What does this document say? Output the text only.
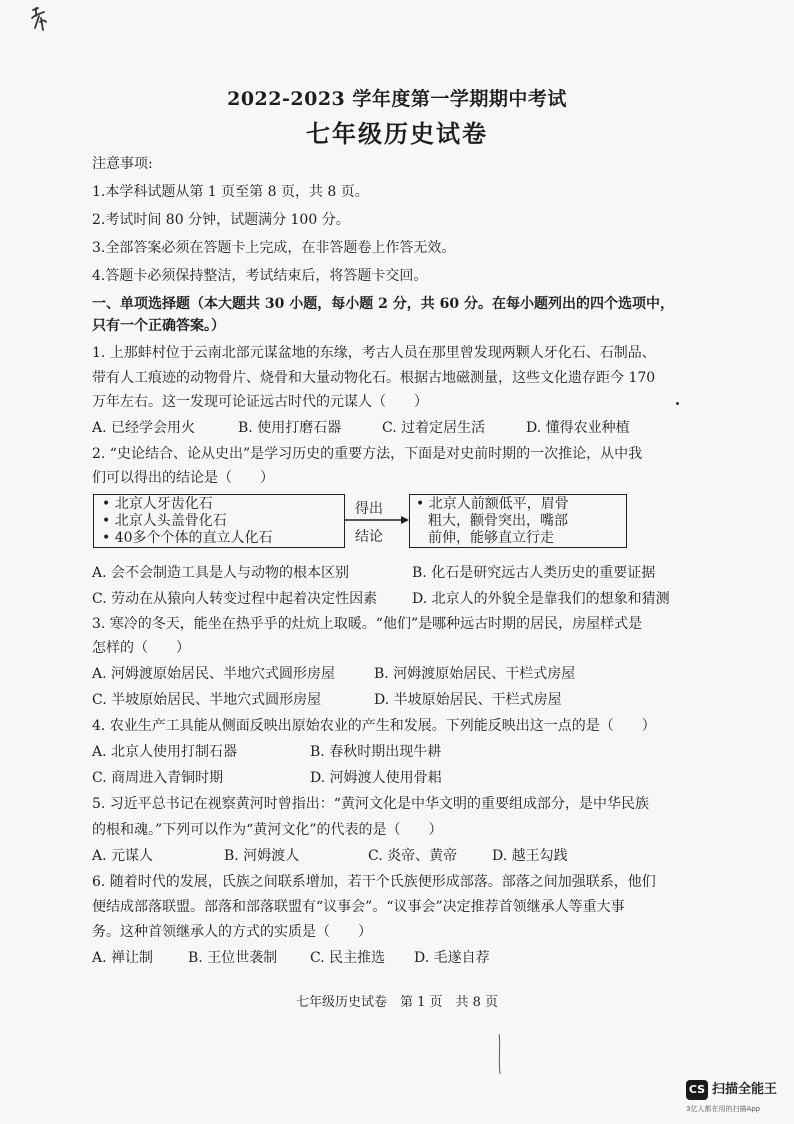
2022-2023 学年度第一学期期中考试
七年级历史试卷
注意事项:
1.本学科试题从第 1 页至第 8 页，共 8 页。
2.考试时间 80 分钟，试题满分 100 分。
3.全部答案必须在答题卡上完成，在非答题卷上作答无效。
4.答题卡必须保持整洁，考试结束后，将答题卡交回。
一、单项选择题（本大题共 30 小题，每小题 2 分，共 60 分。在每小题列出的四个选项中，
只有一个正确答案。）
1. 上那蚌村位于云南北部元谋盆地的东缘，考古人员在那里曾发现两颗人牙化石、石制品、
带有人工痕迹的动物骨片、烧骨和大量动物化石。根据古地磁测量，这些文化遗存距今 170
万年左右。这一发现可论证远古时代的元谋人（　　）
A. 已经学会用火	B. 使用打磨石器	C. 过着定居生活	D. 懂得农业种植
2. “史论结合、论从史出”是学习历史的重要方法，下面是对史前时期的一次推论，从中我
们可以得出的结论是（　　）
• 北京人牙齿化石
• 北京人头盖骨化石
• 40多个个体的直立人化石
得出
结论
• 北京人前额低平，眉骨
粗大，颧骨突出，嘴部
前伸，能够直立行走
A. 会不会制造工具是人与动物的根本区别	B. 化石是研究远古人类历史的重要证据
C. 劳动在从猿向人转变过程中起着决定性因素 D. 北京人的外貌全是靠我们的想象和猜测
3. 寒冷的冬天，能坐在热乎乎的灶炕上取暖。“他们”是哪种远古时期的居民，房屋样式是
怎样的（　　）
A. 河姆渡原始居民、半地穴式圆形房屋	B. 河姆渡原始居民、干栏式房屋
C. 半坡原始居民、半地穴式圆形房屋	D. 半坡原始居民、干栏式房屋
4. 农业生产工具能从侧面反映出原始农业的产生和发展。下列能反映出这一点的是（　　）
A. 北京人使用打制石器	B. 春秋时期出现牛耕
C. 商周进入青铜时期	D. 河姆渡人使用骨耜
5. 习近平总书记在视察黄河时曾指出：“黄河文化是中华文明的重要组成部分，是中华民族
的根和魂。”下列可以作为“黄河文化”的代表的是（　　）
A. 元谋人	B. 河姆渡人	C. 炎帝、黄帝 D. 越王勾践
6. 随着时代的发展，氏族之间联系增加，若干个氏族便形成部落。部落之间加强联系，他们
便结成部落联盟。部落和部落联盟有“议事会”。“议事会”决定推荐首领继承人等重大事
务。这种首领继承人的方式的实质是（　　）
A. 禅让制 B. 王位世袭制 C. 民主推选 D. 毛遂自荐
七年级历史试卷　第 1 页　共 8 页
CS 扫描全能王
3亿人都在用的扫描App
